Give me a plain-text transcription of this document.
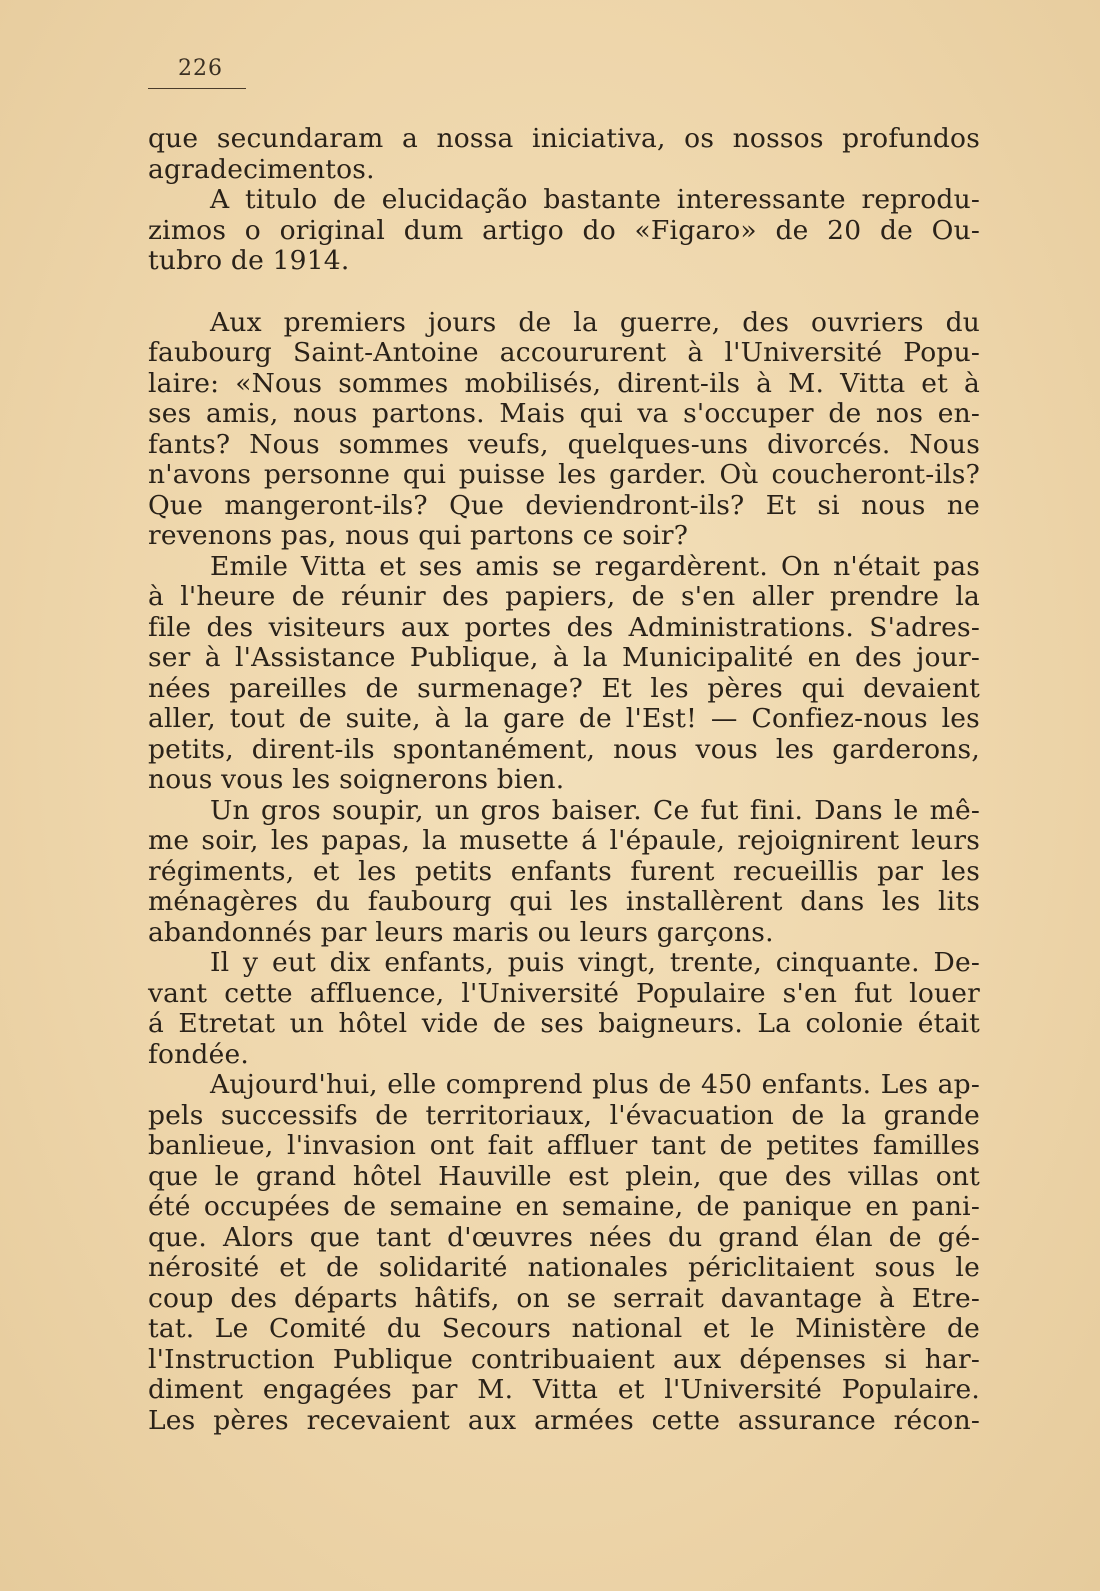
226
que secundaram a nossa iniciativa, os nossos profundos
agradecimentos.
A titulo de elucidação bastante interessante reprodu-
zimos o original dum artigo do «Figaro» de 20 de Ou-
tubro de 1914.
Aux premiers jours de la guerre, des ouvriers du
faubourg Saint-Antoine accoururent à l'Université Popu-
laire: «Nous sommes mobilisés, dirent-ils à M. Vitta et à
ses amis, nous partons. Mais qui va s'occuper de nos en-
fants? Nous sommes veufs, quelques-uns divorcés. Nous
n'avons personne qui puisse les garder. Où coucheront-ils?
Que mangeront-ils? Que deviendront-ils? Et si nous ne
revenons pas, nous qui partons ce soir?
Emile Vitta et ses amis se regardèrent. On n'était pas
à l'heure de réunir des papiers, de s'en aller prendre la
file des visiteurs aux portes des Administrations. S'adres-
ser à l'Assistance Publique, à la Municipalité en des jour-
nées pareilles de surmenage? Et les pères qui devaient
aller, tout de suite, à la gare de l'Est! — Confiez-nous les
petits, dirent-ils spontanément, nous vous les garderons,
nous vous les soignerons bien.
Un gros soupir, un gros baiser. Ce fut fini. Dans le mê-
me soir, les papas, la musette á l'épaule, rejoignirent leurs
régiments, et les petits enfants furent recueillis par les
ménagères du faubourg qui les installèrent dans les lits
abandonnés par leurs maris ou leurs garçons.
Il y eut dix enfants, puis vingt, trente, cinquante. De-
vant cette affluence, l'Université Populaire s'en fut louer
á Etretat un hôtel vide de ses baigneurs. La colonie était
fondée.
Aujourd'hui, elle comprend plus de 450 enfants. Les ap-
pels successifs de territoriaux, l'évacuation de la grande
banlieue, l'invasion ont fait affluer tant de petites familles
que le grand hôtel Hauville est plein, que des villas ont
été occupées de semaine en semaine, de panique en pani-
que. Alors que tant d'œuvres nées du grand élan de gé-
nérosité et de solidarité nationales périclitaient sous le
coup des départs hâtifs, on se serrait davantage à Etre-
tat. Le Comité du Secours national et le Ministère de
l'Instruction Publique contribuaient aux dépenses si har-
diment engagées par M. Vitta et l'Université Populaire.
Les pères recevaient aux armées cette assurance récon-
